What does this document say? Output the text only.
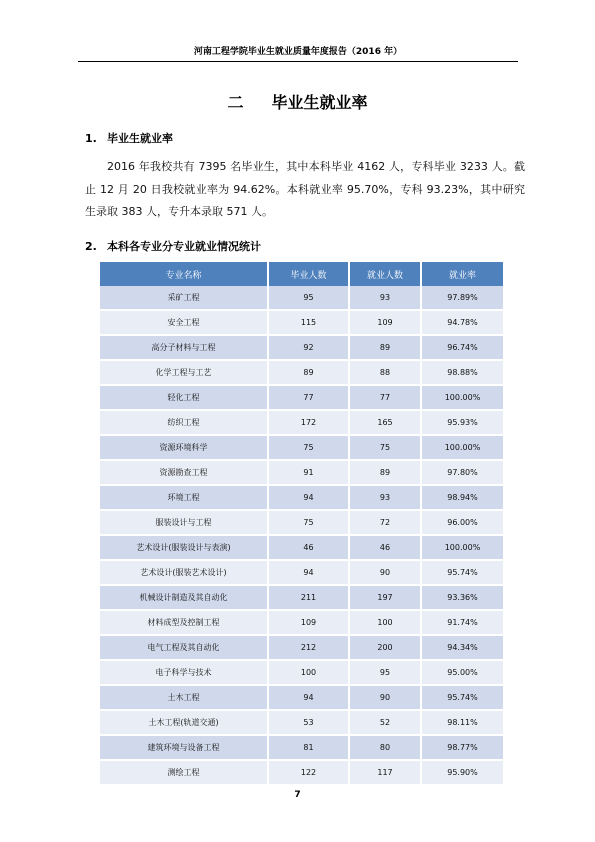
河南工程学院毕业生就业质量年度报告（2016 年）
二 毕业生就业率
1. 毕业生就业率
2016 年我校共有 7395 名毕业生，其中本科毕业 4162 人，专科毕业 3233 人。截止 12 月 20 日我校就业率为 94.62%。本科就业率 95.70%，专科 93.23%，其中研究生录取 383 人，专升本录取 571 人。
2. 本科各专业分专业就业情况统计
专业名称	毕业人数	就业人数	就业率
采矿工程	95	93	97.89%
安全工程	115	109	94.78%
高分子材料与工程	92	89	96.74%
化学工程与工艺	89	88	98.88%
轻化工程	77	77	100.00%
纺织工程	172	165	95.93%
资源环境科学	75	75	100.00%
资源勘查工程	91	89	97.80%
环境工程	94	93	98.94%
服装设计与工程	75	72	96.00%
艺术设计(服装设计与表演)	46	46	100.00%
艺术设计(服装艺术设计)	94	90	95.74%
机械设计制造及其自动化	211	197	93.36%
材料成型及控制工程	109	100	91.74%
电气工程及其自动化	212	200	94.34%
电子科学与技术	100	95	95.00%
土木工程	94	90	95.74%
土木工程(轨道交通)	53	52	98.11%
建筑环境与设备工程	81	80	98.77%
测绘工程	122	117	95.90%
7
